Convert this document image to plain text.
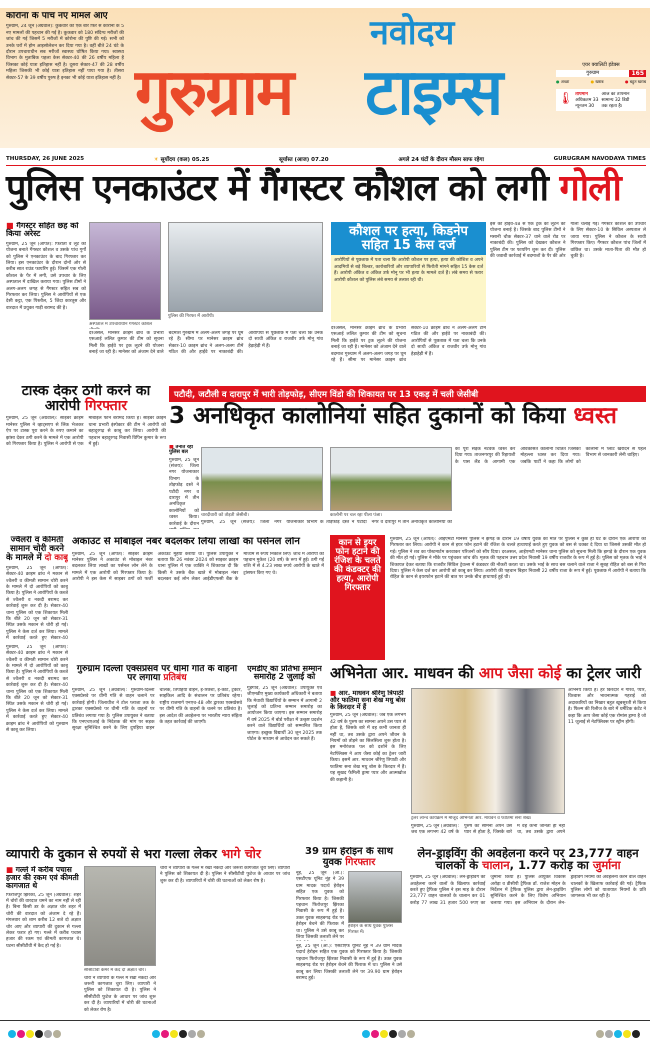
कोरोना के पांच नए मामले आए
गुरुग्राम, 24 जून (अग्रवाल): कुकवार को एक बार फिर से कोरोना के 5 नए मामलों की पहचान की गई है। कुकवार को 180 संदिग्ध मरीजों की जांच की गई जिसमें 5 मरीजों में कोरोना की पुष्टि की गई। सभी को उनके घरों में होम आइसोलेशन कर दिया गया है। वहीं बीते 24 घंटे के दौरान उपचाराधीन सब मरीजों स्वास्थ्य घोषित किया गया। स्वास्थ्य विभाग के मुताबिक पहला केस सेक्टर-40 की 26 वर्षीय महिला है जिसका कोई यात्रा इतिहास नहीं है। दूसरा सेक्टर-47 की 28 वर्षीय महिला जिसकी भी कोई यात्रा इतिहास नहीं पाया गया है। तीसरा सेक्टर-57 के 39 वर्षीय पुरुष है इनका भी कोई यात्रा इतिहास नहीं है।
नवोदय
गुरुग्राम टाइम्स	एयर क्वालिटी इंडेक्स
गुरुग्राम	165
● अच्छा	● खराब	● बहुत खराब
🌡 तापमान
अधिकतम 33
न्यूनतम 30
आज का तापमान सामान्य 32 डिग्री तक रहता है।
THURSDAY, 26 JUNE 2025	☀ सूर्योदय (कल) 05.25	सूर्यास्त (आज) 07.20	अगले 24 घंटों के दौरान मौसम साफ रहेगा	GURUGRAM NAVODAYA TIMES
पुलिस एनकाउंटर में गैंगस्टर कौशल को लगी गोली
■ गैंगस्टर सहित छह को किया अरेस्ट
गुरुग्राम, 25 जून (अर्पित): फिरौती व लूट की योजना बनाते गैंगस्टर कौशल व उसके पांच गुर्गों को पुलिस ने एनकाउंटर के बाद गिरफ्तार कर लिया। इस एनकाउंटर के दौरान दोनों ओर से करीब सात राउंड फायरिंग हुई। जिसमें एक गोली कौशल के पैर में लगी, उसे उपचार के लिए अस्पताल में दाखिल कराया गया। पुलिस टीमों ने अलग-अलग जगह से गैंगस्टर सहित सब को गिरफ्तार कर लिया। पुलिस ने आरोपियों से एक देसी कट्टा, एक पिस्तौल, 5 जिंदा कारतूस और वारदात में प्रयुक्त गाड़ी बरामद की है।
अस्पताल में उपचाराधीन गैंगस्टर कौशल
पुलिस की गिरफ्त में आरोपी।
दरअसल, मानेसर क्राइम ब्रांच के प्रभारी एसआई ललित कुमार की टीम को सूचना मिली कि हाईवे पर ट्रक लूटने की योजना बनाई जा रही है। मानेसर को अंजाम देने वाले बदमाश गुरुग्राम में अलग-अलग जगह पर घूम रहे हैं। सीमा पर मानेसर क्राइम ब्रांच सेक्टर-10 क्राइम ब्रांच ने अलग-अलग टीमें गठित की और हाईवे पर नाकाबंदी की। आरोपियों से पूछताछ में पता चला कि उनके दो साथी अंकित व राजवीर उर्फ मोनू गांव हेड़ाहेड़ी में हैं।
कौशल पर हत्या, किडनेप सहित 15 केस दर्ज
आरोपियों से पूछताछ में पता चला कि आरोपी कौशल पर हत्या, हत्या की कोशिश व अपने आदमियों से बड़े बिल्डर, कारोबारियों और व्यापारियों से फिरौती मांगने सहित 15 केस दर्ज हैं। आरोपी अंकित व अंकित उर्फ मोनू पर भी हत्या के मामले दर्ज हैं। लंबे समय से फरार आरोपी कौशल को पुलिस लंबे समय से तलाश रही थी।
इस को हाईवे-48 से एक ट्रक को लूटने की योजना बनाई है। जिसके बाद पुलिस टीमों ने मसानी चौक सेक्टर-37 थाने वाले रोड पर नाकाबंदी की। पुलिस को देखकर कौशल ने पुलिस टीम पर फायरिंग शुरू कर दी। पुलिस की जवाबी कार्रवाई में बदमाशों के पैर की ओर गोली चलाई गई। गैंगस्टर कौशल को उपचार के लिए सेक्टर-10 के सिविल अस्पताल ले जाया गया। पुलिस ने कौशल के साथी गिरफ्तार किए। गैंगस्टर कौशल पांच जिलों में वांछित था। उसके माता-पिता की मौत हो चुकी है।
दरअसल, मानेसर क्राइम ब्रांच के प्रभारी एसआई ललित कुमार की टीम को सूचना मिली कि हाईवे पर ट्रक लूटने की योजना बनाई जा रही है। मानेसर को अंजाम देने वाले बदमाश गुरुग्राम में अलग-अलग जगह पर घूम रहे हैं। सीमा पर मानेसर क्राइम ब्रांच सेक्टर-10 क्राइम ब्रांच ने अलग-अलग टीमें गठित की और हाईवे पर नाकाबंदी की। आरोपियों से पूछताछ में पता चला कि उनके दो साथी अंकित व राजवीर उर्फ मोनू गांव हेड़ाहेड़ी में हैं।
टास्क देकर ठगी करने का आरोपी गिरफ्तार
गुरुग्राम, 25 जून (अग्रवाल): साइबर क्राइम मानेसर पुलिस ने व्हाट्सएप से लिंक भेजकर ऐप पर टास्क पूरा करने के रुपए कमाने का झांसा देकर ठगी करने के मामले में एक आरोपी को गिरफ्तार किया है। पुलिस ने आरोपी से एक मोबाइल फोन बरामद किया है। साइबर क्राइम थाना प्रभारी इंस्पेक्टर की टीम ने आरोपी को बहादुरगढ़ से काबू कर लिया। आरोपी की पहचान बहादुरगढ़ निवासी विपिन कुमार के रूप में हुई।
पटौदी, जटौली व दारापुर में भारी तोड़फोड़, सीएम विंडो की शिकायत पर 13 एकड़ में चली जेसीबी
3 अनधिकृत कालोनियां सहित दुकानों को किया ध्वस्त
■ तैनात रहा पुलिस बल
गुरुग्राम, 25 जून (संजय): जिला नगर योजनाकार विभाग के तोड़फोड़ दस्ते ने पटौदी नगर व दारापुर में तीन अनधिकृत कालोनियों को ध्वस्त किया। कार्रवाई के दौरान
चारदीवारी को तोड़ती जेसीबी।	कालोनी पर चल रहा पीला पंजा।
गुरुग्राम, 25 जून (संजय): जिला नगर योजनाकार विभाग के तोड़फोड़ दस्ते ने पटौदी नगर व दारापुर में तीन अनधिकृत कालोनियों को
का पूरा सड़क नेटवर्क ध्वस्त कर दिया गया। ताजनगरपुर की रिहायशी के पास लैंड के आगामी एक अविकसित कालोनी चिंतित जिसका मोहल्ला ध्वस्त कर दिया गया। जबकि पार्टी ने कहा कि लोगों को कालोनी में प्लाट खरीदने से पहले विभाग से जानकारी लेनी चाहिए।
ज्वैलरी व कीमती सामान चोरी करने के मामले में दो काबू
गुरुग्राम, 25 जून (अर्पित): सेक्टर-40 क्राइम ब्रांच ने मकान से ज्वैलरी व कीमती सामान चोरी करने के मामले में दो आरोपियों को काबू किया है। पुलिस ने आरोपियों के कब्जे से ज्वैलरी व नकदी बरामद कर कार्रवाई शुरू कर दी है। सेक्टर-40 थाना पुलिस को एक शिकायत मिली कि बीते 20 जून को सेक्टर-31 स्थित उसके मकान से चोरी हो गई। पुलिस ने केस दर्ज कर लिया। मामले में कार्रवाई करते हुए सेक्टर-40
गुरुग्राम, 25 जून (अर्पित): सेक्टर-40 क्राइम ब्रांच ने मकान से ज्वैलरी व कीमती सामान चोरी करने के मामले में दो आरोपियों को काबू किया है। पुलिस ने आरोपियों के कब्जे से ज्वैलरी व नकदी बरामद कर कार्रवाई शुरू कर दी है। सेक्टर-40 थाना पुलिस को एक शिकायत मिली कि बीते 20 जून को सेक्टर-31 स्थित उसके मकान से चोरी हो गई। पुलिस ने केस दर्ज कर लिया। मामले में कार्रवाई करते हुए सेक्टर-40 क्राइम ब्रांच ने आरोपियों को गुरुग्राम से काबू कर लिया।
अकाउंट से मोबाइल नंबर बदलकर लिया लाखों का पर्सनल लोन
गुरुग्राम, 25 जून (अर्पित): साइबर क्राइम मानेसर पुलिस ने अकाउंट से मोबाइल नंबर बदलकर लिया लाखों का पर्सनल लोन लेने के मामले में एक आरोपी को गिरफ्तार किया है। आरोपी ने इस केस में साइबर ठगों को फर्जी अकाउंट मुहैया कराया था। पुलिस उपायुक्त ने बताया कि 26 नवंबर 2024 को साइबर क्राइम थाना पुलिस में एक व्यक्ति ने शिकायत दी कि किसी ने उसके बैंक खाते में मोबाइल नंबर बदलकर कई लोन लेकर आईडीएफसी बैंक के माध्यम से रुपये निकाल लिए। जांच में आरोपी की पहचान मुकेश (20 वर्ष) के रूप में हुई। ठगी गई राशि में से 4.23 लाख रुपये आरोपी के खाते में ट्रांसफर किए गए थे।
कान से इयर फोन हटाने की रंजिश के चलते की कंडक्टर की हत्या, आरोपी गिरफ्तार
गुरुग्राम, 25 जून (अर्पित): आईएमटी मानेसर पुलिस ने झगड़े के दौरान 19 वर्षीय युवक की मौत पर पुलिस ने कुछ ही घंटे के दौरान एक आरोपी को गिरफ्तार कर लिया। आरोपी ने कान से इयर फोन हटाने की रंजिश के चलते हाथापाई करते हुए युवक को बस से धक्का दे दिया था जिससे उसकी मौत हो गई। पुलिस ने शव का पोस्टमार्टम करवाकर परिजनों को सौंप दिया। दरअसल, आईएमटी मानेसर थाना पुलिस को सूचना मिली कि झगड़े के दौरान एक युवक की मौत हो गई। पुलिस ने मौके पर पहुंचकर जांच की। मृतक की पहचान उत्तर प्रदेश निवासी 19 वर्षीय राजवीर के रूप में हुई है। पुलिस को मृतक के भाई ने शिकायत देकर बताया कि राजवीर सिविल ट्रेवल्स में कंडक्टर की नौकरी करता था। उसके भाई के साथ बस चलाने वाले राजा ने सुबह रोहित को बस से गिरा दिया। पुलिस ने केस दर्ज कर आरोपी को काबू कर लिया। आरोपी की पहचान बिहार निवासी 22 वर्षीय राजा के रूप में हुई। पूछताछ में आरोपी ने बताया कि रोहित के कान से इयरफोन हटाने की बात पर उनके बीच हाथापाई हुई थी।
गुरुग्राम दिल्ली एक्सप्रेसवे पर धीमी गति के वाहनों पर लगाया प्रतिबंध
गुरुग्राम, 25 जून (अग्रवाल): गुरुग्राम-दिल्ली एक्सप्रेसवे पर धीमी गति से वाहन चलाने पर कार्रवाई होगी। जिलाधीश ने टोल प्लाजा तक के द्वारका एक्सप्रेसवे पर धीमी गति के वाहनों पर प्रतिबंध लगाया गया है। पुलिस उपायुक्त ने बताया कि एनएचएआई के निदेशक की मांग पर सड़क सुरक्षा सुनिश्चित करने के लिए दुपहिया वाहन चालक, तिपहिया वाहन, ई-रिक्शा, ई-कार्ट, ट्रैक्टर, साइकिल आदि के संचालन पर प्रतिबंध रहेगा। राष्ट्रीय राजमार्ग एनएच-48 और द्वारका एक्सप्रेसवे पर धीमी गति के वाहनों के चलने पर प्रतिबंध है। इस आदेश की अवहेलना पर भारतीय न्याय संहिता के तहत कार्रवाई की जाएगी।
एमडीए का प्रतिभा सम्मान समारोह 2 जुलाई को
गुड़गांव, 25 जून (अग्रवाल): उपायुक्त एवं जीएमडीए मुख्य कार्यकारी अधिकारी ने बताया कि मेधावी विद्यार्थियों के सम्मान में आगामी 2 जुलाई को प्रतिभा सम्मान समारोह का आयोजन किया जाएगा। इस सम्मान समारोह में वर्ष 2025 में बोर्ड परीक्षा में उत्कृष्ट प्रदर्शन करने वाले विद्यार्थियों को सम्मानित किया जाएगा। इच्छुक विद्यार्थी 30 जून 2025 तक पोर्टल के माध्यम से आवेदन कर सकते हैं।
अभिनेता आर. माधवन की आप जैसा कोई का ट्रेलर जारी
■ आर. माधवन श्रीरेणु त्रिपाठी और फातिमा सना शेख मधु बोस के किरदार में हैं
गुरुग्राम, 25 जून (अग्रवाल): जब एक लगभग 42 वर्ष के पुरुष का सामना अपने उस प्यार से होता है, जिसके बारे में वह कभी जानता ही नहीं था, तब उसके द्वारा अपने जीवन के नियमों को तोड़ने का सिलसिला शुरू होता है। इस मनोरंजक पल को दर्शाने के लिए नेटफ्लिक्स ने आप जैसा कोई का ट्रेलर जारी किया। इसमें आर. माधवन श्रीरेणु त्रिपाठी और फातिमा सना शेख मधु बोस के किरदार में हैं। यह सुखद फैमिली ड्रामा प्यार और आत्मखोज की कहानी है।
ट्रेलर लॉन्च कार्यक्रम में मौजूद अभिनेता आर. माधवन व फातिमा सना शेख।
अभिनय किया है। हर किरदार ने गौरव, प्यार, विश्वास और भावनात्मक गहराई को अदाकारियों का निखार बहुत खूबसूरती से किया है। फिल्म की रिलीज के बारे में धर्मेटिक कंटेंट ने कहा कि आप जैसा कोई एक रोमांस ड्रामा है जो 11 जुलाई से नेटफ्लिक्स पर स्ट्रीम होगी।
गुरुग्राम, 25 जून (अग्रवाल): जब एक लगभग 42 वर्ष के पुरुष का सामना अपने उस प्यार से होता है, जिसके बारे में वह कभी जानता ही नहीं था, तब उसके द्वारा अपने
व्यापारी के दुकान से रुपयों से भरा गल्ला लेकर भागे चोर
■ गल्ले में करीब पचास हजार की रकम एवं कीमती कागजात थे
फिरोजपुर झिरका, 25 जून (अग्रवाल): शहर में चोरों की वारदात थमने का नाम नहीं ले रही है। बिना किसी डर के अज्ञात चोर शहर में चोरी की वारदात को अंजाम दे रहे हैं। मंगलवार को शाम करीब 12 बजे दो अज्ञात चोर आए और व्यापारी की दुकान से गल्ला लेकर फरार हो गए। गल्ले में करीब पचास हजार की रकम एवं कीमती कागजात थे। घटना सीसीटीवी में कैद हो गई है।
सीसीटीवी कैमरे में कैद दो अज्ञात चोर।
चोरों ने व्यापारी के गल्ले में रखी नकदी और जरूरी कागजात चुरा लिए। व्यापारी ने पुलिस को शिकायत दी है। पुलिस ने सीसीटीवी फुटेज के आधार पर जांच शुरू कर दी है। व्यापारियों में चोरी की घटनाओं को लेकर रोष है।
चोरों ने व्यापारी के गल्ले में रखी नकदी और जरूरी कागजात चुरा लिए। व्यापारी ने पुलिस को शिकायत दी है। पुलिस ने सीसीटीवी फुटेज के आधार पर जांच शुरू कर दी है। व्यापारियों में चोरी की घटनाओं को लेकर रोष है।
39 ग्राम हेरोइन के साथ युवक गिरफ्तार
नूंह, 25 जून (आ.): एसटीएफ यूनिट नूंह ने 39 ग्राम मादक पदार्थ हेरोइन सहित एक युवक को गिरफ्तार किया है। जिसकी पहचान फिरोजपुर झिरका निवासी के रूप में हुई है। उक्त युवक साहबगढ़ रोड पर हेरोइन बेचने की फिराक में था। पुलिस ने उसे काबू कर लिया जिसकी तलाशी लेने पर
हेरोइन के साथ युवक पुलिस गिरफ्त में।
नूंह, 25 जून (आ.): एसटीएफ यूनिट नूंह ने 39 ग्राम मादक पदार्थ हेरोइन सहित एक युवक को गिरफ्तार किया है। जिसकी पहचान फिरोजपुर झिरका निवासी के रूप में हुई है। उक्त युवक साहबगढ़ रोड पर हेरोइन बेचने की फिराक में था। पुलिस ने उसे काबू कर लिया जिसकी तलाशी लेने पर 39.90 ग्राम हेरोइन बरामद हुई।
लेन-ड्राइविंग की अवहेलना करने पर 23,777 वाहन चालकों के चालान, 1.77 करोड़ का जुर्माना
गुरुग्राम, 25 जून (अग्रवाल): लेन-ड्राइविंग की अवहेलना करने वालों के खिलाफ कार्रवाई करते हुए ट्रैफिक पुलिस ने इस माह के दौरान 23,777 वाहन चालकों के चालान कर 01 करोड़ 77 लाख 31 हजार 500 रुपए का जुर्माना किया है। पुलिस आयुक्त विकास अरोड़ा व डीसीपी ट्रैफिक डॉ. राजेश मोहन के निर्देशन में ट्रैफिक पुलिस द्वारा लेन-ड्राइविंग सुनिश्चित करने के लिए विशेष अभियान चलाया गया। इस अभियान के दौरान लेन-ड्राइविंग नियमों की अवहेलना करने वाले वाहन चालकों के खिलाफ कार्रवाई की गई। ट्रैफिक पुलिस लोगों को यातायात नियमों के प्रति जागरूक भी कर रही है।
